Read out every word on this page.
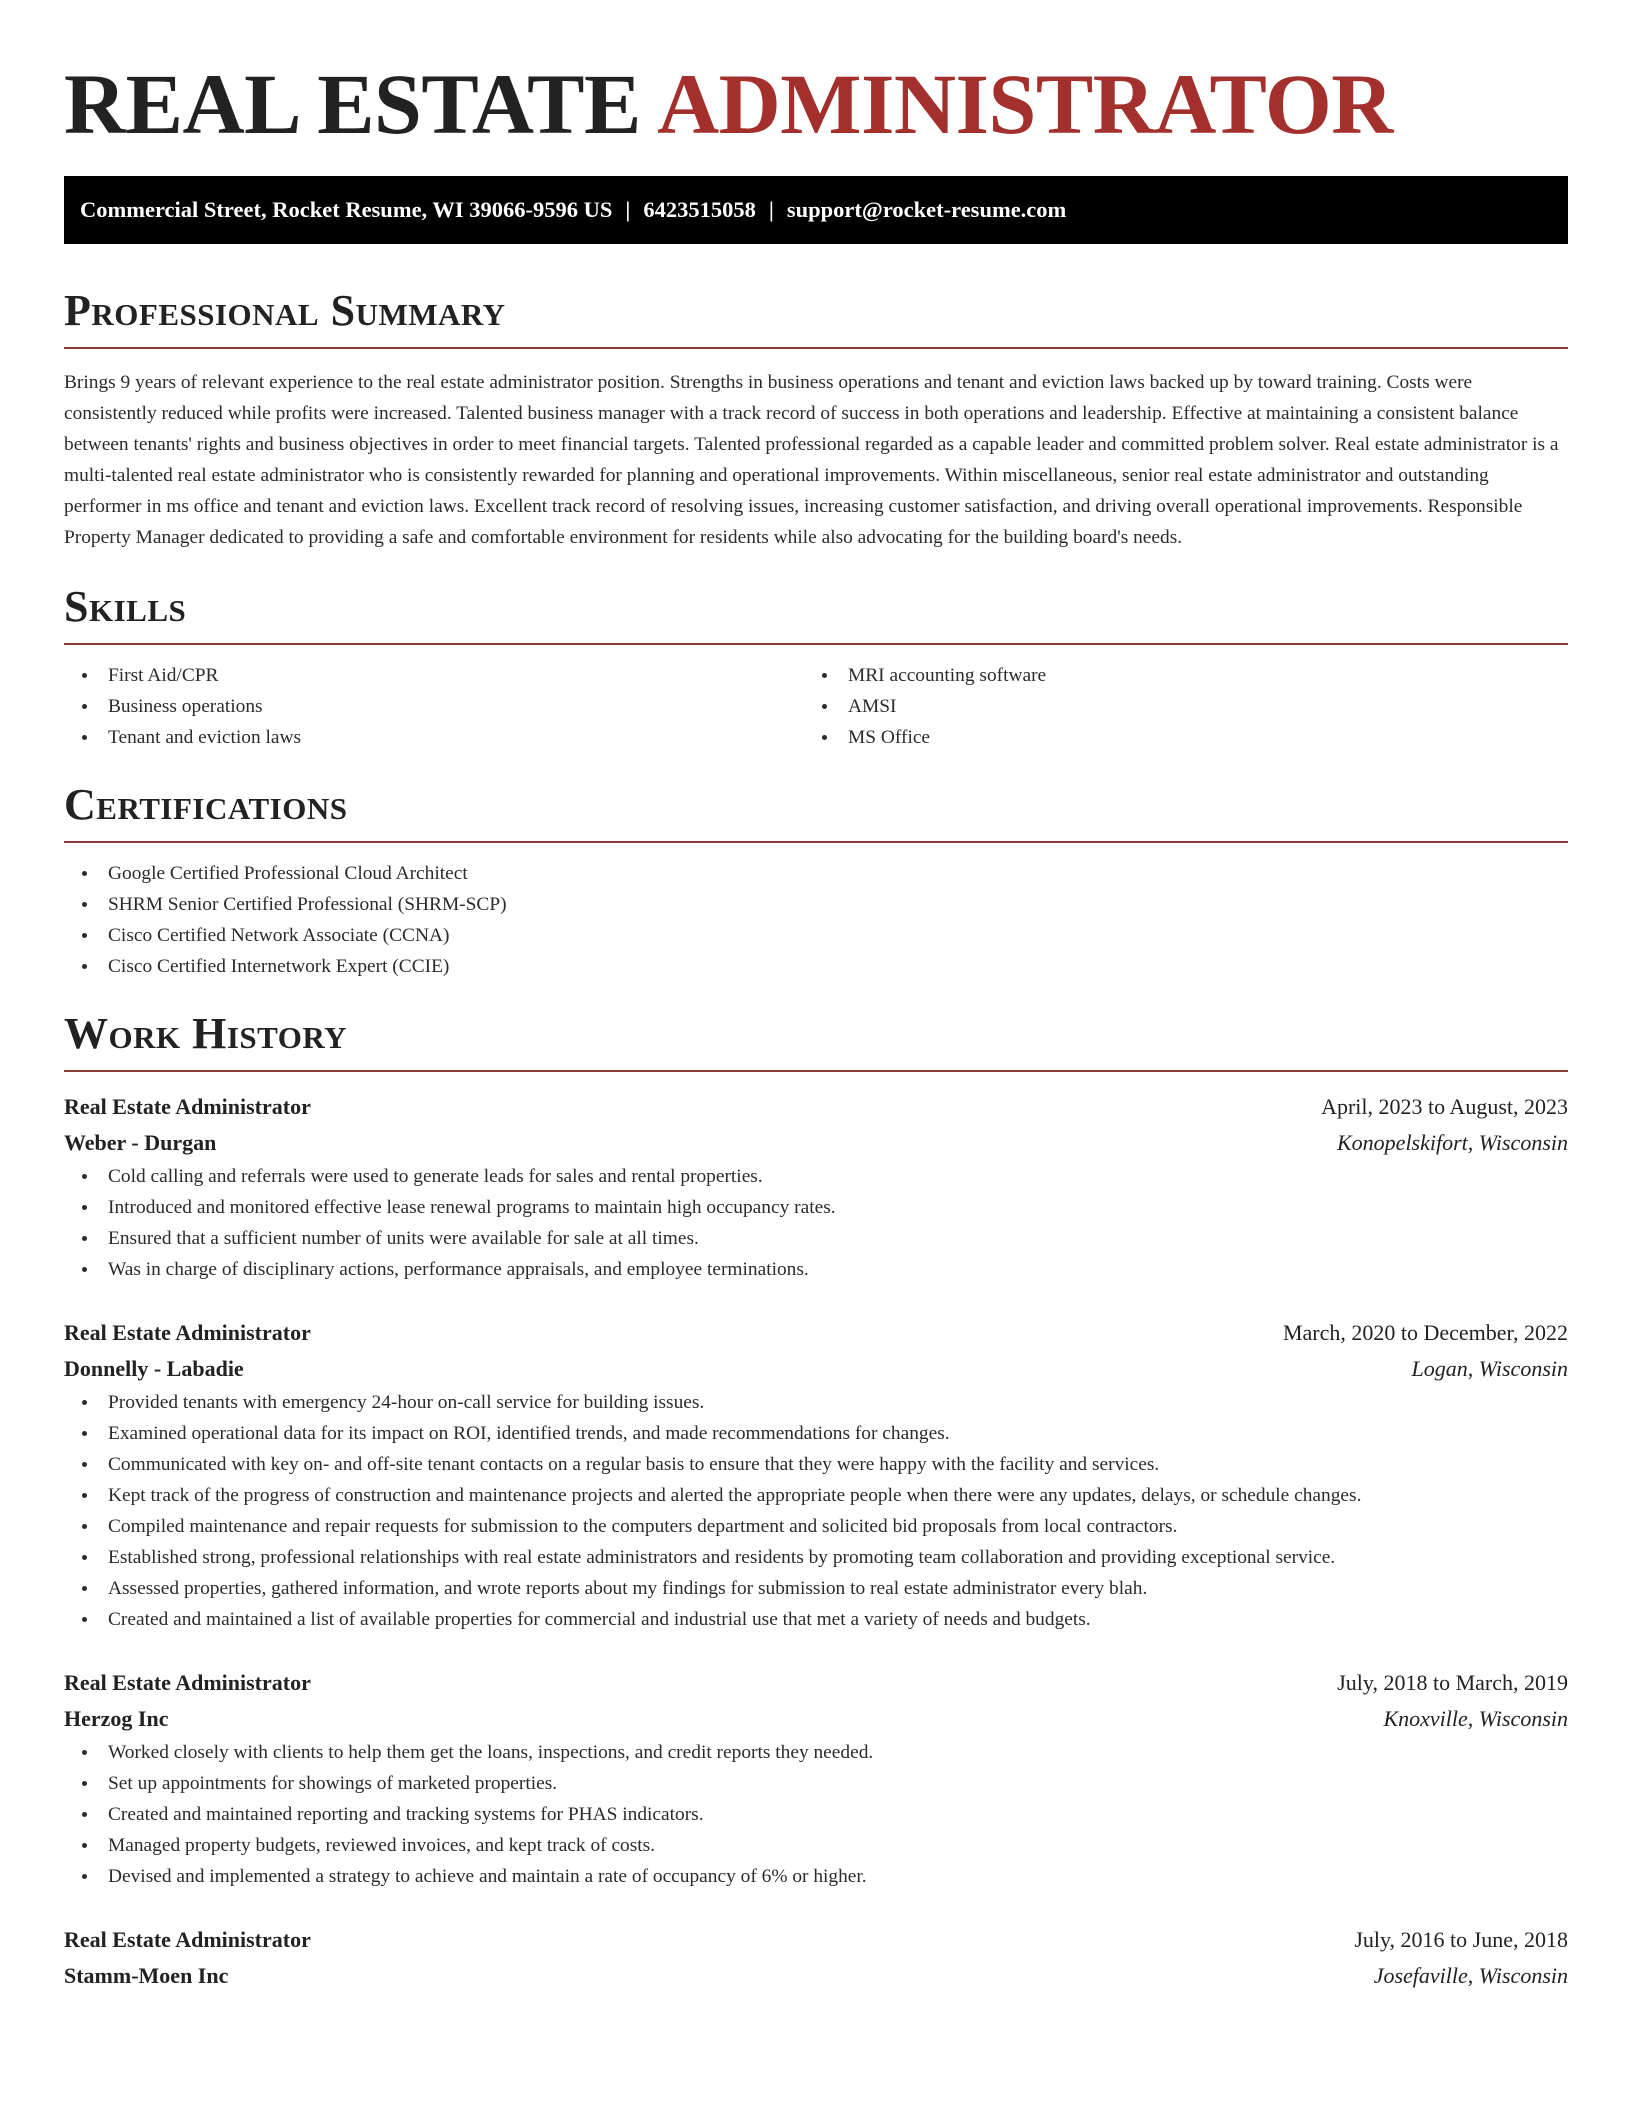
REAL ESTATE ADMINISTRATOR
Commercial Street, Rocket Resume, WI 39066-9596 US | 6423515058 | support@rocket-resume.com
Professional Summary

Brings 9 years of relevant experience to the real estate administrator position. Strengths in business operations and tenant and eviction laws backed up by toward training. Costs were consistently reduced while profits were increased. Talented business manager with a track record of success in both operations and leadership. Effective at maintaining a consistent balance between tenants' rights and business objectives in order to meet financial targets. Talented professional regarded as a capable leader and committed problem solver. Real estate administrator is a multi-talented real estate administrator who is consistently rewarded for planning and operational improvements. Within miscellaneous, senior real estate administrator and outstanding performer in ms office and tenant and eviction laws. Excellent track record of resolving issues, increasing customer satisfaction, and driving overall operational improvements. Responsible Property Manager dedicated to providing a safe and comfortable environment for residents while also advocating for the building board's needs.

Skills
First Aid/CPR
Business operations
Tenant and eviction laws
MRI accounting software
AMSI
MS Office
Certifications
Google Certified Professional Cloud Architect
SHRM Senior Certified Professional (SHRM-SCP)
Cisco Certified Network Associate (CCNA)
Cisco Certified Internetwork Expert (CCIE)
Work History
Real Estate Administrator	April, 2023 to August, 2023
Weber - Durgan	Konopelskifort, Wisconsin
Cold calling and referrals were used to generate leads for sales and rental properties.
Introduced and monitored effective lease renewal programs to maintain high occupancy rates.
Ensured that a sufficient number of units were available for sale at all times.
Was in charge of disciplinary actions, performance appraisals, and employee terminations.
Real Estate Administrator	March, 2020 to December, 2022
Donnelly - Labadie	Logan, Wisconsin
Provided tenants with emergency 24-hour on-call service for building issues.
Examined operational data for its impact on ROI, identified trends, and made recommendations for changes.
Communicated with key on- and off-site tenant contacts on a regular basis to ensure that they were happy with the facility and services.
Kept track of the progress of construction and maintenance projects and alerted the appropriate people when there were any updates, delays, or schedule changes.
Compiled maintenance and repair requests for submission to the computers department and solicited bid proposals from local contractors.
Established strong, professional relationships with real estate administrators and residents by promoting team collaboration and providing exceptional service.
Assessed properties, gathered information, and wrote reports about my findings for submission to real estate administrator every blah.
Created and maintained a list of available properties for commercial and industrial use that met a variety of needs and budgets.
Real Estate Administrator	July, 2018 to March, 2019
Herzog Inc	Knoxville, Wisconsin
Worked closely with clients to help them get the loans, inspections, and credit reports they needed.
Set up appointments for showings of marketed properties.
Created and maintained reporting and tracking systems for PHAS indicators.
Managed property budgets, reviewed invoices, and kept track of costs.
Devised and implemented a strategy to achieve and maintain a rate of occupancy of 6% or higher.
Real Estate Administrator	July, 2016 to June, 2018
Stamm-Moen Inc	Josefaville, Wisconsin
